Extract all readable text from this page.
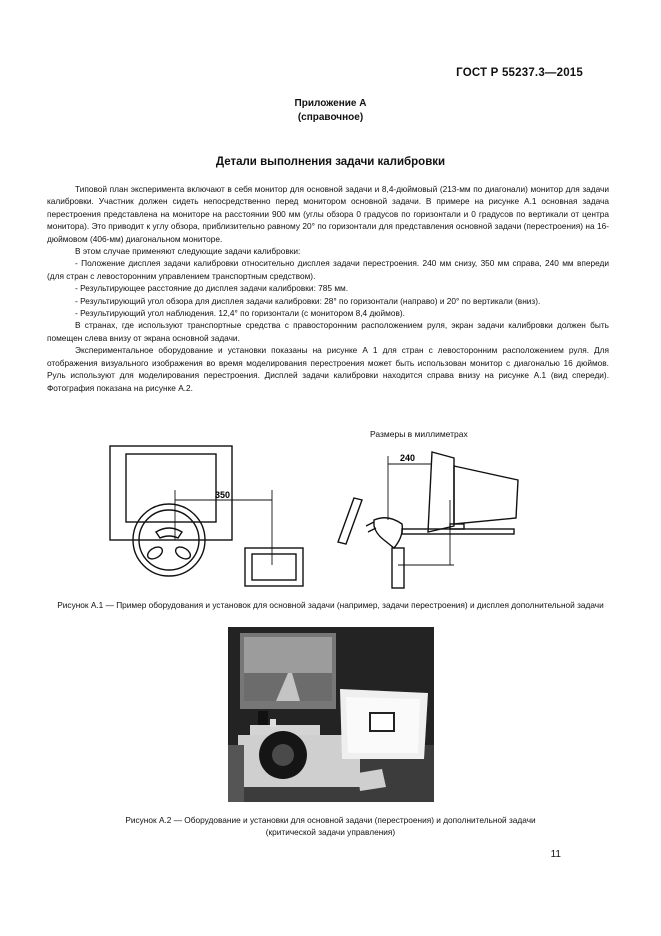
ГОСТ Р 55237.3—2015
Приложение А
(справочное)
Детали выполнения задачи калибровки

Типовой план эксперимента включают в себя монитор для основной задачи и 8,4-дюймовый (213-мм по диагонали) монитор для задачи калибровки. Участник должен сидеть непосредственно перед монитором основной задачи. В примере на рисунке А.1 основная задача перестроения представлена на мониторе на расстоянии 900 мм (углы обзора 0 градусов по горизонтали и 0 градусов по вертикали от центра монитора). Это приводит к углу обзора, приблизительно равному 20° по горизонтали для представления основной задачи (перестроения) на 16-дюймовом (406-мм) диагональном мониторе.

В этом случае применяют следующие задачи калибровки:

- Положение дисплея задачи калибровки относительно дисплея задачи перестроения. 240 мм снизу, 350 мм справа, 240 мм впереди (для стран с левосторонним управлением транспортным средством).

- Результирующее расстояние до дисплея задачи калибровки: 785 мм.

- Результирующий угол обзора для дисплея задачи калибровки: 28° по горизонтали (направо) и 20° по вертикали (вниз).

- Результирующий угол наблюдения. 12,4° по горизонтали (с монитором 8,4 дюймов).

В странах, где используют транспортные средства с правосторонним расположением руля, экран задачи калибровки должен быть помещен слева внизу от экрана основной задачи.

Экспериментальное оборудование и установки показаны на рисунке А 1 для стран с левосторонним расположением руля. Для отображения визуального изображения во время моделирования перестроения может быть использован монитор с диагональю 16 дюймов. Руль используют для моделирования перестроения. Дисплей задачи калибровки находится справа внизу на рисунке А.1 (вид спереди). Фотография показана на рисунке А.2.

Размеры в миллиметрах
350
240
Рисунок А.1 — Пример оборудования и установок для основной задачи (например, задачи перестроения) и дисплея дополнительной задачи
Рисунок А.2 — Оборудование и установки для основной задачи (перестроения) и дополнительной задачи
(критической задачи управления)
11
